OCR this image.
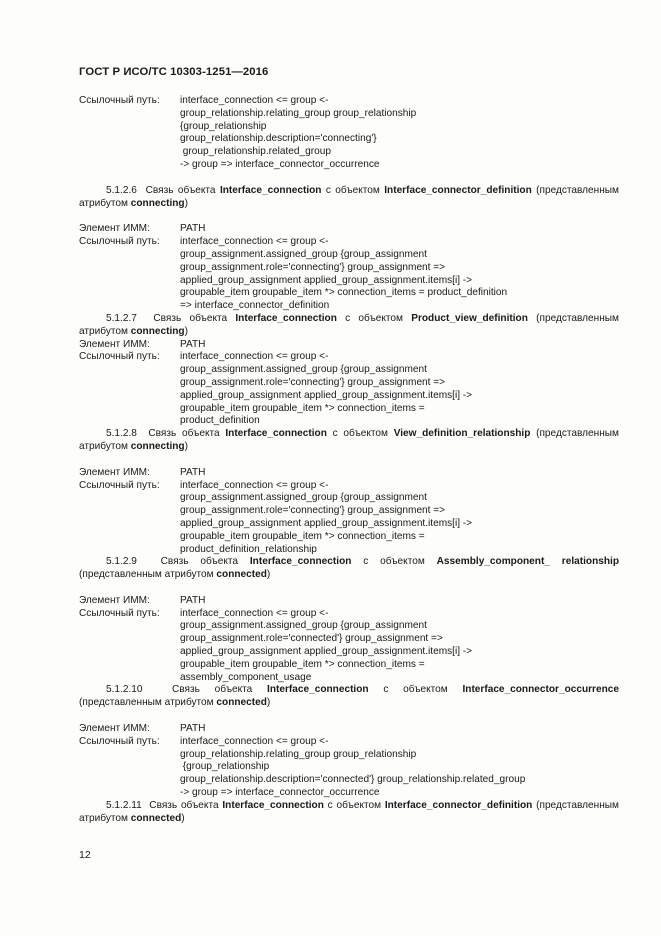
ГОСТ Р ИСО/ТС 10303-1251—2016
Ссылочный путь:	interface_connection <= group <-
group_relationship.relating_group group_relationship
{group_relationship
group_relationship.description='connecting'}
group_relationship.related_group
-> group => interface_connector_occurrence

5.1.2.6 Связь объекта Interface_connection с объектом Interface_connector_definition (представленным атрибутом connecting)

Элемент ИММ:	PATH
Ссылочный путь:	interface_connection <= group <-
group_assignment.assigned_group {group_assignment
group_assignment.role='connecting'} group_assignment =>
applied_group_assignment applied_group_assignment.items[i] ->
groupable_item groupable_item *> connection_items = product_definition
=> interface_connector_definition

5.1.2.7 Связь объекта Interface_connection с объектом Product_view_definition (представленным атрибутом connecting)

Элемент ИММ:	PATH
Ссылочный путь:	interface_connection <= group <-
group_assignment.assigned_group {group_assignment
group_assignment.role='connecting'} group_assignment =>
applied_group_assignment applied_group_assignment.items[i] ->
groupable_item groupable_item *> connection_items =
product_definition

5.1.2.8 Связь объекта Interface_connection с объектом View_definition_relationship (представленным атрибутом connecting)

Элемент ИММ:	PATH
Ссылочный путь:	interface_connection <= group <-
group_assignment.assigned_group {group_assignment
group_assignment.role='connecting'} group_assignment =>
applied_group_assignment applied_group_assignment.items[i] ->
groupable_item groupable_item *> connection_items =
product_definition_relationship

5.1.2.9 Связь объекта Interface_connection с объектом Assembly_component_ relationship (представленным атрибутом connected)

Элемент ИММ:	PATH
Ссылочный путь:	interface_connection <= group <-
group_assignment.assigned_group {group_assignment
group_assignment.role='connected'} group_assignment =>
applied_group_assignment applied_group_assignment.items[i] ->
groupable_item groupable_item *> connection_items =
assembly_component_usage

5.1.2.10	Связь объекта Interface_connection с объектом Interface_connector_occurrence (представленным атрибутом connected)

Элемент ИММ:	PATH
Ссылочный путь:	interface_connection <= group <-
group_relationship.relating_group group_relationship
{group_relationship
group_relationship.description='connected'} group_relationship.related_group
-> group => interface_connector_occurrence

5.1.2.11 Связь объекта Interface_connection с объектом Interface_connector_definition (представленным атрибутом connected)

12
